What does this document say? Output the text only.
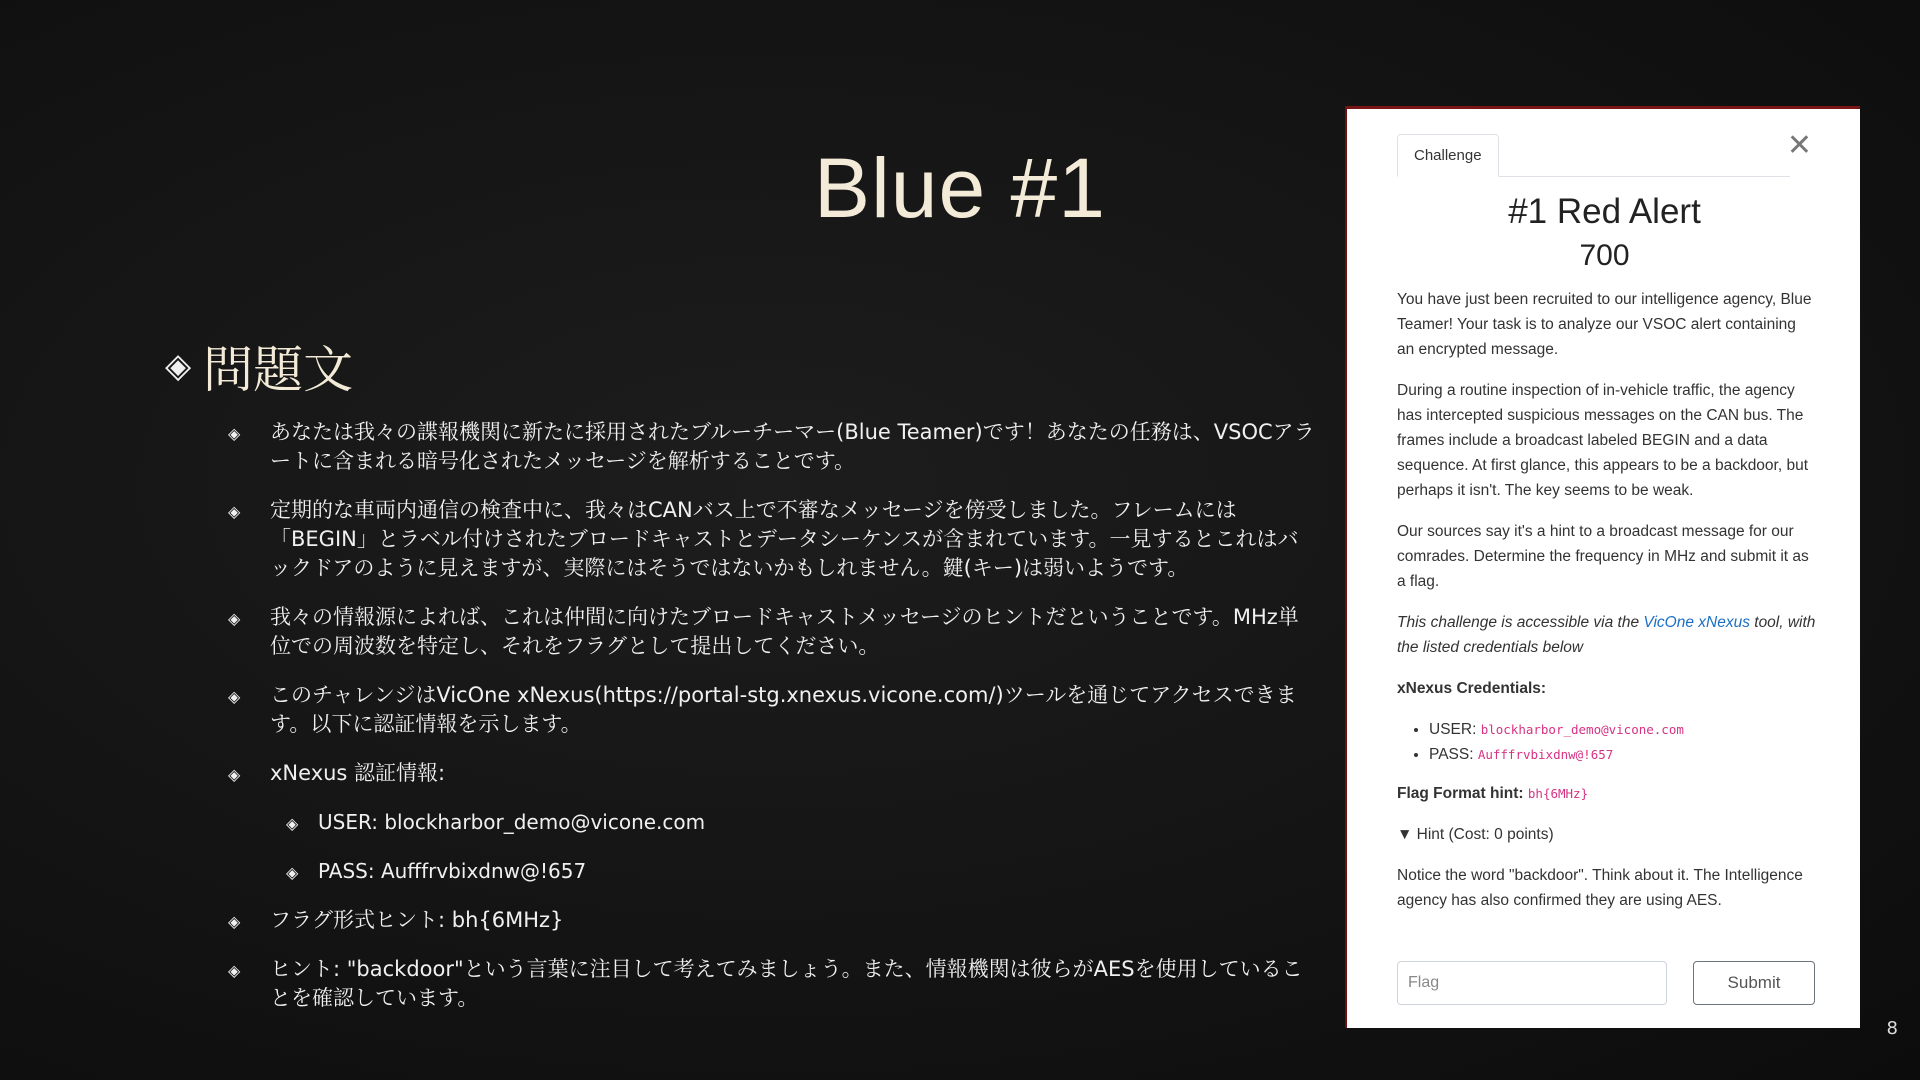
Blue #1
◈ 問題文
◈	あなたは我々の諜報機関に新たに採用されたブルーチーマー(Blue Teamer)です！あなたの任務は、VSOCアラートに含まれる暗号化されたメッセージを解析することです。
◈	定期的な車両内通信の検査中に、我々はCANバス上で不審なメッセージを傍受しました。フレームには「BEGIN」とラベル付けされたブロードキャストとデータシーケンスが含まれています。一見するとこれはバックドアのように見えますが、実際にはそうではないかもしれません。鍵(キー)は弱いようです。
◈	我々の情報源によれば、これは仲間に向けたブロードキャストメッセージのヒントだということです。MHz単位での周波数を特定し、それをフラグとして提出してください。
◈	このチャレンジはVicOne xNexus(https://portal-stg.xnexus.vicone.com/)ツールを通じてアクセスできます。以下に認証情報を示します。
◈	xNexus 認証情報:
◈ USER: blockharbor_demo@vicone.com
◈ PASS: Aufffrvbixdnw@!657
◈	フラグ形式ヒント: bh{6MHz}
◈	ヒント: "backdoor"という言葉に注目して考えてみましょう。また、情報機関は彼らがAESを使用していることを確認しています。
✕
Challenge
#1 Red Alert
700

You have just been recruited to our intelligence agency, Blue Teamer! Your task is to analyze our VSOC alert containing an encrypted message.

During a routine inspection of in-vehicle traffic, the agency has intercepted suspicious messages on the CAN bus. The frames include a broadcast labeled BEGIN and a data sequence. At first glance, this appears to be a backdoor, but perhaps it isn't. The key seems to be weak.

Our sources say it's a hint to a broadcast message for our comrades. Determine the frequency in MHz and submit it as a flag.

This challenge is accessible via the VicOne xNexus tool, with the listed credentials below

xNexus Credentials:

• USER: blockharbor_demo@vicone.com
• PASS: Aufffrvbixdnw@!657

Flag Format hint: bh{6MHz}

▼ Hint (Cost: 0 points)

Notice the word "backdoor". Think about it. The Intelligence agency has also confirmed they are using AES.

Flag
Submit
8
